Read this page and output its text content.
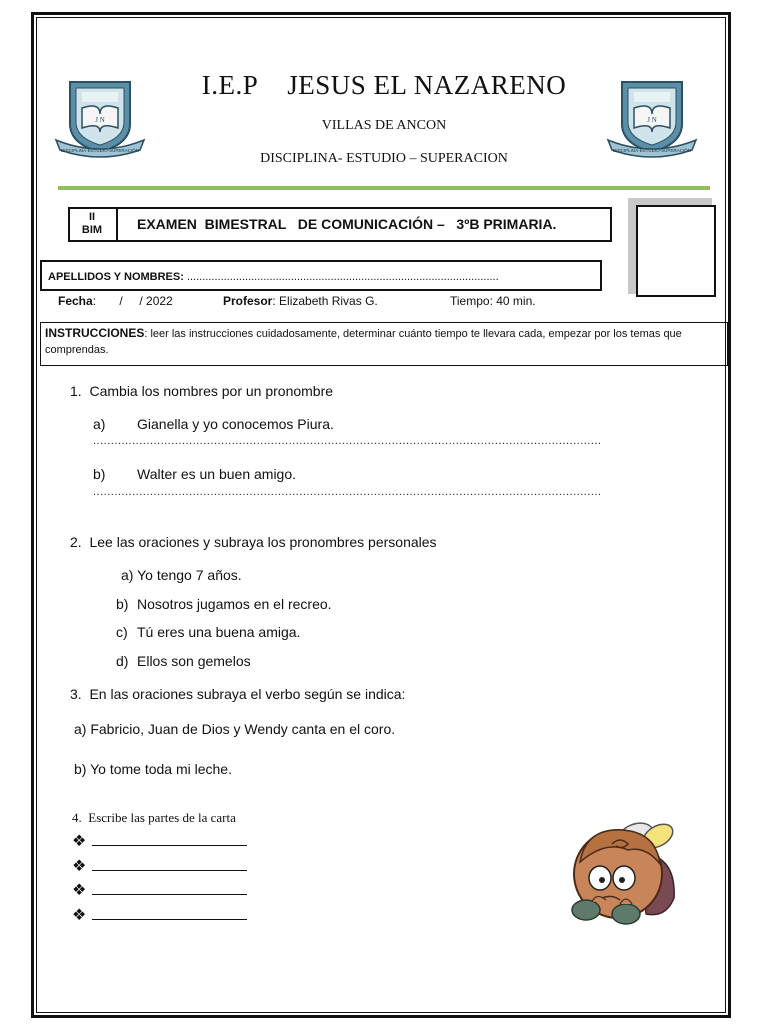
J N
DISCIPLINA-ESTUDIO-SUPERACIÓN
J N
DISCIPLINA-ESTUDIO-SUPERACIÓN
I.E.P JESUS EL NAZARENO
VILLAS DE ANCON
DISCIPLINA- ESTUDIO – SUPERACION
II
BIM	EXAMEN  BIMESTRAL   DE COMUNICACIÓN –   3ºB PRIMARIA.
APELLIDOS Y NOMBRES: ......................................................................................................
Fecha:       /     / 2022	Profesor: Elizabeth Rivas G.	Tiempo: 40 min.
INSTRUCCIONES: leer las instrucciones cuidadosamente, determinar cuánto tiempo te llevara cada, empezar por los temas que comprendas.
1. Cambia los nombres por un pronombre
a) Gianella y yo conocemos Piura.
...............................................................................................................................................
b) Walter es un buen amigo.
...............................................................................................................................................
2. Lee las oraciones y subraya los pronombres personales
a) Yo tengo 7 años.
b) Nosotros jugamos en el recreo.
c) Tú eres una buena amiga.
d) Ellos son gemelos
3. En las oraciones subraya el verbo según se indica:
a) Fabricio, Juan de Dios y Wendy canta en el coro.
b) Yo tome toda mi leche.
4. Escribe las partes de la carta
❖
❖
❖
❖
